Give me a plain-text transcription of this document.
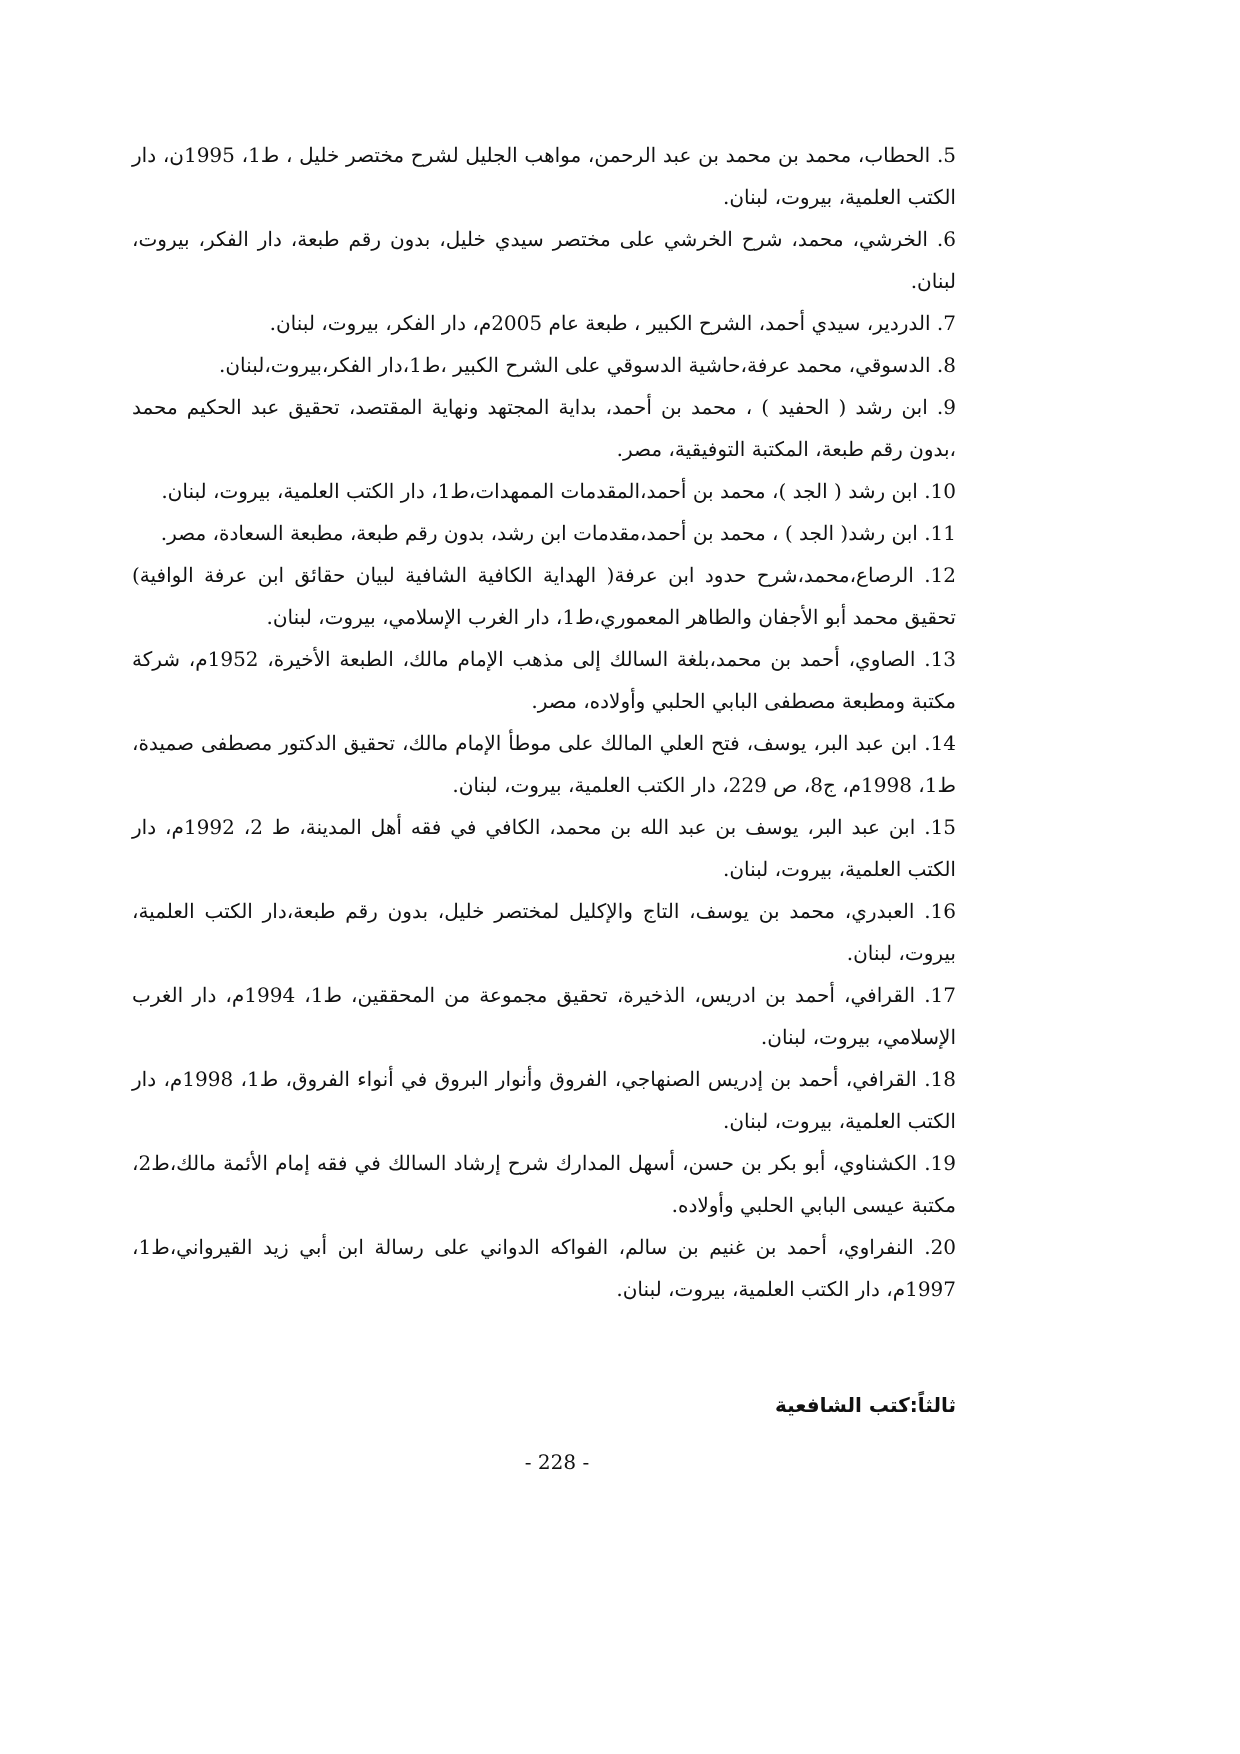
5. الحطاب، محمد بن محمد بن عبد الرحمن، مواهب الجليل لشرح مختصر خليل ، ط1، 1995ن، دار الكتب العلمية، بيروت، لبنان.

6. الخرشي، محمد، شرح الخرشي على مختصر سيدي خليل، بدون رقم طبعة، دار الفكر، بيروت، لبنان.

7. الدردير، سيدي أحمد، الشرح الكبير ، طبعة عام 2005م، دار الفكر، بيروت، لبنان.

8. الدسوقي، محمد عرفة،حاشية الدسوقي على الشرح الكبير ،ط1،دار الفكر،بيروت،لبنان.

9. ابن رشد ( الحفيد ) ، محمد بن أحمد، بداية المجتهد ونهاية المقتصد، تحقيق عبد الحكيم محمد ،بدون رقم طبعة، المكتبة التوفيقية، مصر.

10. ابن رشد ( الجد )، محمد بن أحمد،المقدمات الممهدات،ط1، دار الكتب العلمية، بيروت، لبنان.

11. ابن رشد( الجد ) ، محمد بن أحمد،مقدمات ابن رشد، بدون رقم طبعة، مطبعة السعادة، مصر.

12. الرصاع،محمد،شرح حدود ابن عرفة( الهداية الكافية الشافية لبيان حقائق ابن عرفة الوافية) تحقيق محمد أبو الأجفان والطاهر المعموري،ط1، دار الغرب الإسلامي، بيروت، لبنان.

13. الصاوي، أحمد بن محمد،بلغة السالك إلى مذهب الإمام مالك، الطبعة الأخيرة، 1952م، شركة مكتبة ومطبعة مصطفى البابي الحلبي وأولاده، مصر.

14. ابن عبد البر، يوسف، فتح العلي المالك على موطأ الإمام مالك، تحقيق الدكتور مصطفى صميدة، ط1، 1998م، ج8، ص 229، دار الكتب العلمية، بيروت، لبنان.

15. ابن عبد البر، يوسف بن عبد الله بن محمد، الكافي في فقه أهل المدينة، ط 2، 1992م، دار الكتب العلمية، بيروت، لبنان.

16. العبدري، محمد بن يوسف، التاج والإكليل لمختصر خليل، بدون رقم طبعة،دار الكتب العلمية، بيروت، لبنان.

17. القرافي، أحمد بن ادريس، الذخيرة، تحقيق مجموعة من المحققين، ط1، 1994م، دار الغرب الإسلامي، بيروت، لبنان.

18. القرافي، أحمد بن إدريس الصنهاجي، الفروق وأنوار البروق في أنواء الفروق، ط1، 1998م، دار الكتب العلمية، بيروت، لبنان.

19. الكشناوي، أبو بكر بن حسن، أسهل المدارك شرح إرشاد السالك في فقه إمام الأئمة مالك،ط2، مكتبة عيسى البابي الحلبي وأولاده.

20. النفراوي، أحمد بن غنيم بن سالم، الفواكه الدواني على رسالة ابن أبي زيد القيرواني،ط1، 1997م، دار الكتب العلمية، بيروت، لبنان.

ثالثاً:كتب الشافعية
- 228 -
